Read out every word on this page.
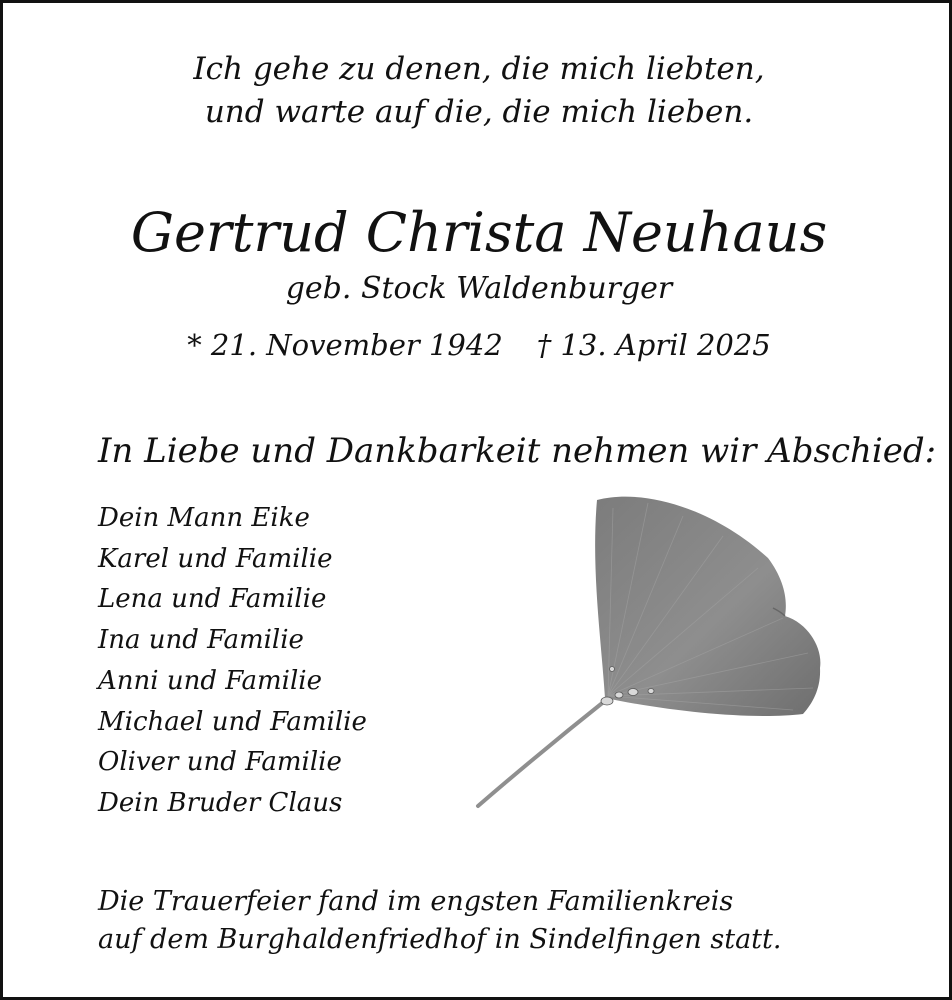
Ich gehe zu denen, die mich liebten,
und warte auf die, die mich lieben.

Gertrud Christa Neuhaus

geb. Stock Waldenburger

* 21. November 1942 † 13. April 2025

In Liebe und Dankbarkeit nehmen wir Abschied:

Dein Mann Eike
Karel und Familie
Lena und Familie
Ina und Familie
Anni und Familie
Michael und Familie
Oliver und Familie
Dein Bruder Claus

Die Trauerfeier fand im engsten Familienkreis
auf dem Burghaldenfriedhof in Sindelfingen statt.
